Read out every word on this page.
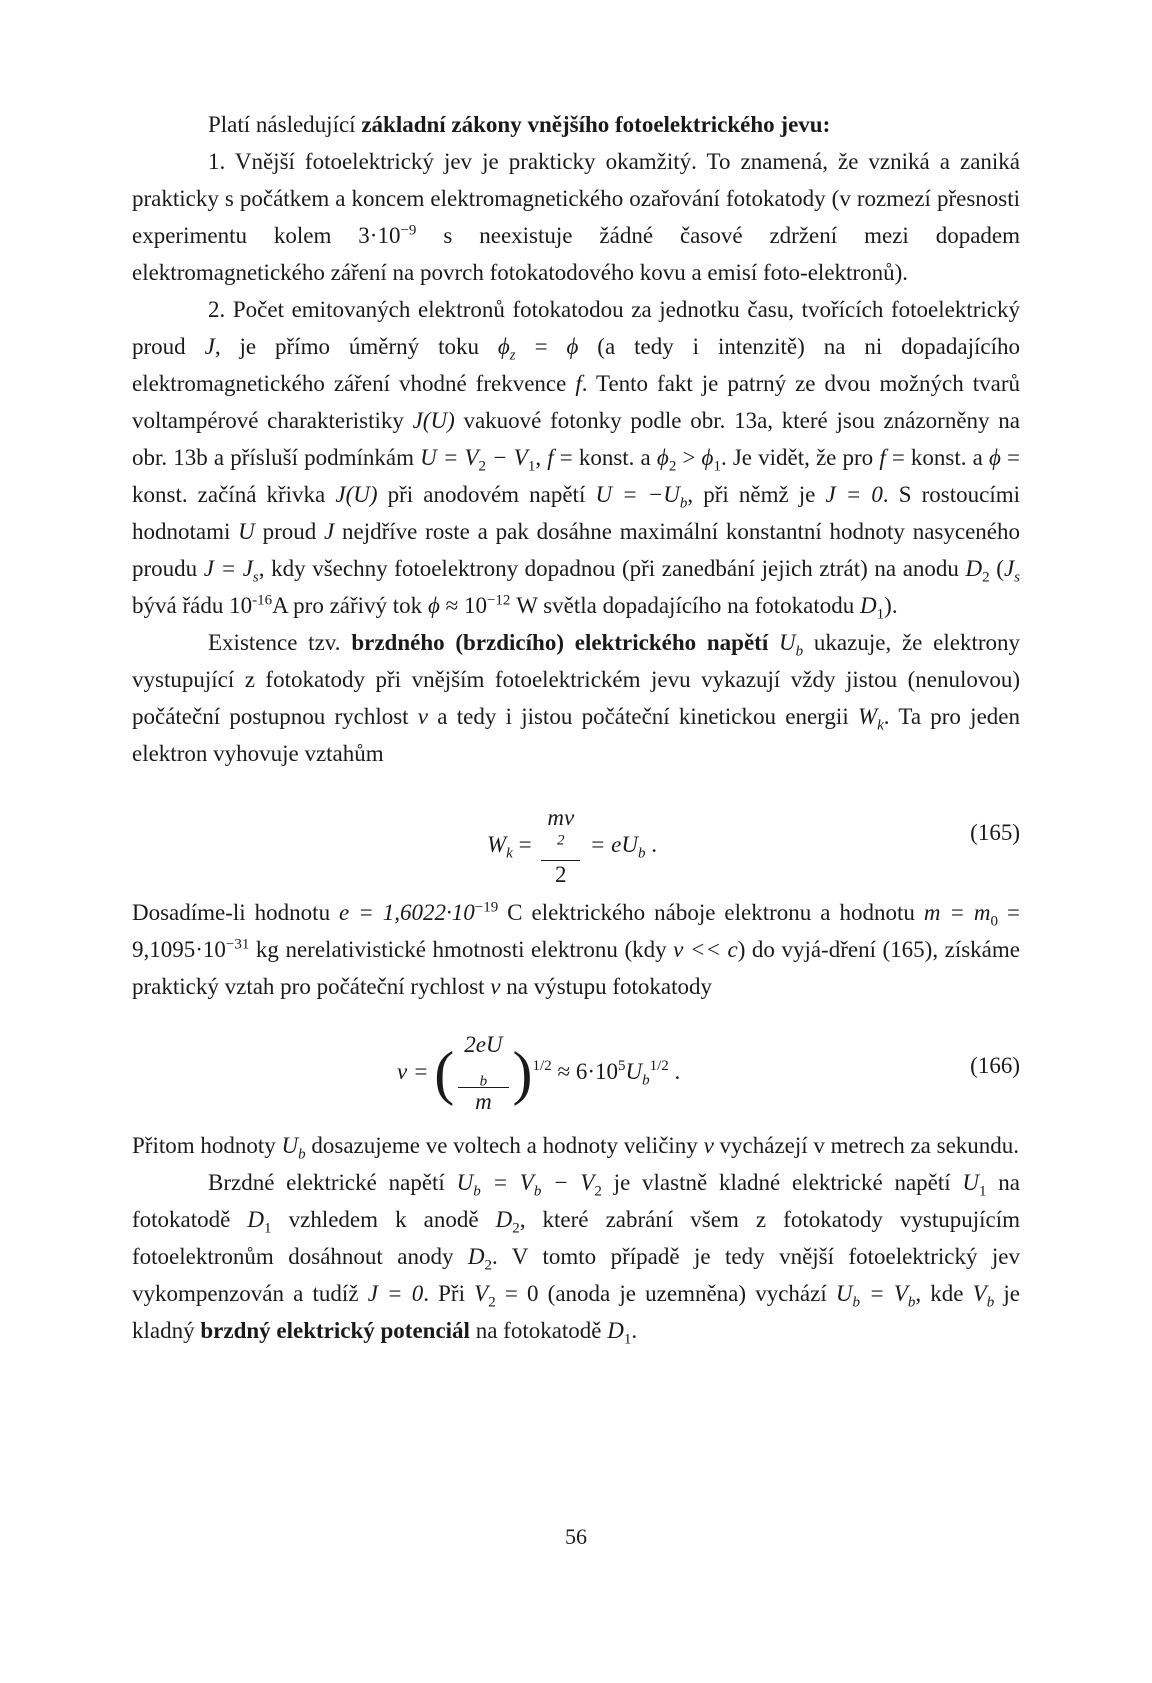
Platí následující základní zákony vnějšího fotoelektrického jevu:

1. Vnější fotoelektrický jev je prakticky okamžitý. To znamená, že vzniká a zaniká prakticky s počátkem a koncem elektromagnetického ozařování fotokatody (v rozmezí přesnosti experimentu kolem $3\cdot 10^{-9}$ s neexistuje žádné časové zdržení mezi dopadem elektromagnetického záření na povrch fotokatodového kovu a emisí foto-elektronů).

2. Počet emitovaných elektronů fotokatodou za jednotku času, tvořících fotoelektrický proud J, je přímo úměrný toku $\phi_z = \phi$ (a tedy i intenzitě) na ni dopadajícího elektromagnetického záření vhodné frekvence f. Tento fakt je patrný ze dvou možných tvarů voltampérové charakteristiky J(U) vakuové fotonky podle obr. 13a, které jsou znázorněny na obr. 13b a přísluší podmínkám $U = V_2 - V_1$, f = konst. a $\phi_2 > \phi_1$. Je vidět, že pro f = konst. a ϕ = konst. začíná křivka J(U) při anodovém napětí $U = -U_b$, při němž je J = 0. S rostoucími hodnotami U proud J nejdříve roste a pak dosáhne maximální konstantní hodnoty nasyceného proudu $J = J_s$, kdy všechny fotoelektrony dopadnou (při zanedbání jejich ztrát) na anodu $D_2$ ($J_s$ bývá řádu $10^{-16}A$ pro zářivý tok $\phi \approx 10^{-12}$ W světla dopadajícího na fotokatodu $D_1$).

Existence tzv. brzdného (brzdicího) elektrického napětí $U_b$ ukazuje, že elektrony vystupující z fotokatody při vnějším fotoelektrickém jevu vykazují vždy jistou (nenulovou) počáteční postupnou rychlost v a tedy i jistou počáteční kinetickou energii $W_k$. Ta pro jeden elektron vyhovuje vztahům

$W_k$ = mv
$^2$
$2 = eU_b$ .	(165)

Dosadíme-li hodnotu $e = 1,6022\cdot 10^{-19}$ C elektrického náboje elektronu a hodnotu $m = m_0 = 9,1095\cdot 10^{-31}$ kg nerelativistické hmotnosti elektronu (kdy v << c) do vyjá-dření (165), získáme praktický vztah pro počáteční rychlost v na výstupu fotokatody

v = ( 2eU
$_b$
m )$^{1/2} \approx 6\cdot 10^5U_b^{1/2}$ .	(166)

Přitom hodnoty $U_b$ dosazujeme ve voltech a hodnoty veličiny v vycházejí v metrech za sekundu.

Brzdné elektrické napětí $U_b = V_b - V_2$ je vlastně kladné elektrické napětí $U_1$ na fotokatodě $D_1$ vzhledem k anodě $D_2$, které zabrání všem z fotokatody vystupujícím fotoelektronům dosáhnout anody $D_2$. V tomto případě je tedy vnější fotoelektrický jev vykompenzován a tudíž J = 0. Při $V_2 = 0$ (anoda je uzemněna) vychází $U_b = V_b$, kde $V_b$ je kladný brzdný elektrický potenciál na fotokatodě $D_1$.

56
